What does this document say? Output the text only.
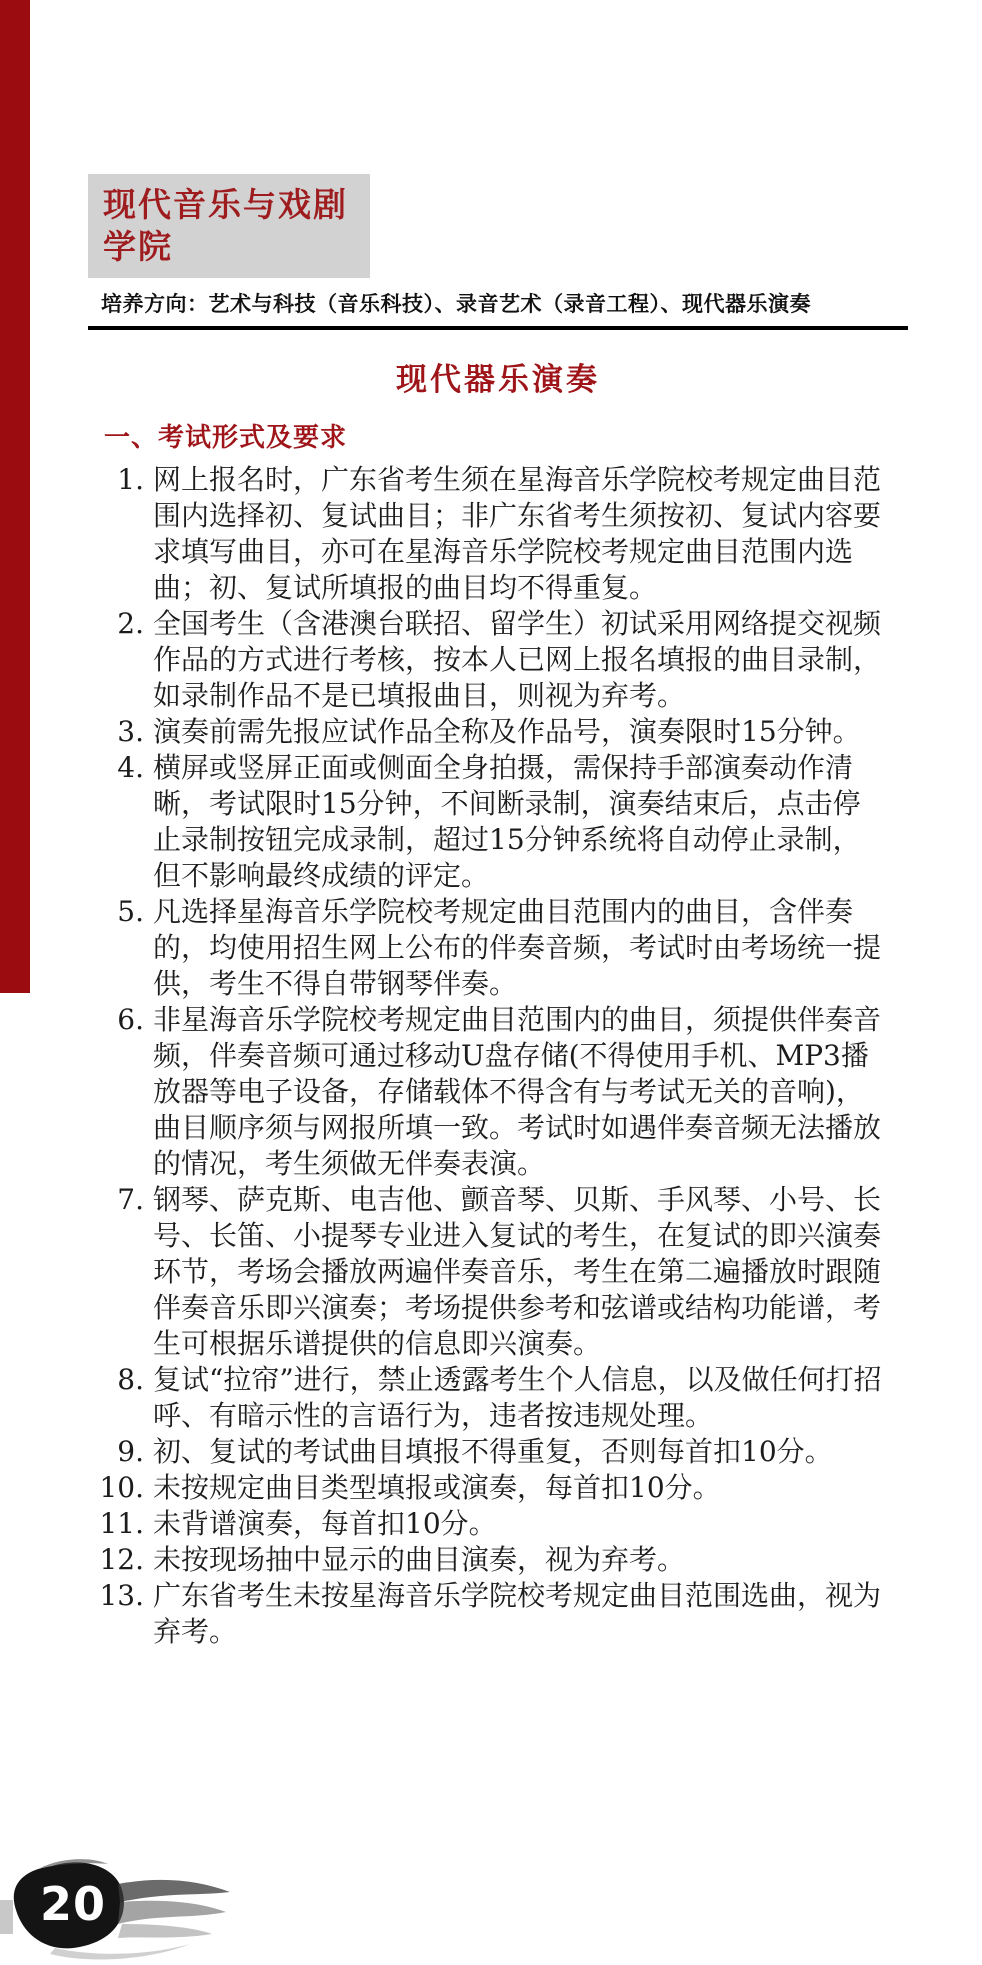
现代音乐与戏剧学院
培养方向：艺术与科技（音乐科技）、录音艺术（录音工程）、现代器乐演奏
现代器乐演奏
一、考试形式及要求
1. 网上报名时，广东省考生须在星海音乐学院校考规定曲目范围内选择初、复试曲目；非广东省考生须按初、复试内容要求填写曲目，亦可在星海音乐学院校考规定曲目范围内选曲；初、复试所填报的曲目均不得重复。
2. 全国考生（含港澳台联招、留学生）初试采用网络提交视频作品的方式进行考核，按本人已网上报名填报的曲目录制，如录制作品不是已填报曲目，则视为弃考。
3. 演奏前需先报应试作品全称及作品号，演奏限时15分钟。
4. 横屏或竖屏正面或侧面全身拍摄，需保持手部演奏动作清晰，考试限时15分钟，不间断录制，演奏结束后，点击停止录制按钮完成录制，超过15分钟系统将自动停止录制，但不影响最终成绩的评定。
5. 凡选择星海音乐学院校考规定曲目范围内的曲目，含伴奏的，均使用招生网上公布的伴奏音频，考试时由考场统一提供，考生不得自带钢琴伴奏。
6. 非星海音乐学院校考规定曲目范围内的曲目，须提供伴奏音频，伴奏音频可通过移动U盘存储(不得使用手机、MP3播放器等电子设备，存储载体不得含有与考试无关的音响)，曲目顺序须与网报所填一致。考试时如遇伴奏音频无法播放的情况，考生须做无伴奏表演。
7. 钢琴、萨克斯、电吉他、颤音琴、贝斯、手风琴、小号、长号、长笛、小提琴专业进入复试的考生，在复试的即兴演奏环节，考场会播放两遍伴奏音乐，考生在第二遍播放时跟随伴奏音乐即兴演奏；考场提供参考和弦谱或结构功能谱，考生可根据乐谱提供的信息即兴演奏。
8. 复试“拉帘”进行，禁止透露考生个人信息，以及做任何打招呼、有暗示性的言语行为，违者按违规处理。
9. 初、复试的考试曲目填报不得重复，否则每首扣10分。
10. 未按规定曲目类型填报或演奏，每首扣10分。
11. 未背谱演奏，每首扣10分。
12. 未按现场抽中显示的曲目演奏，视为弃考。
13. 广东省考生未按星海音乐学院校考规定曲目范围选曲，视为弃考。
20
